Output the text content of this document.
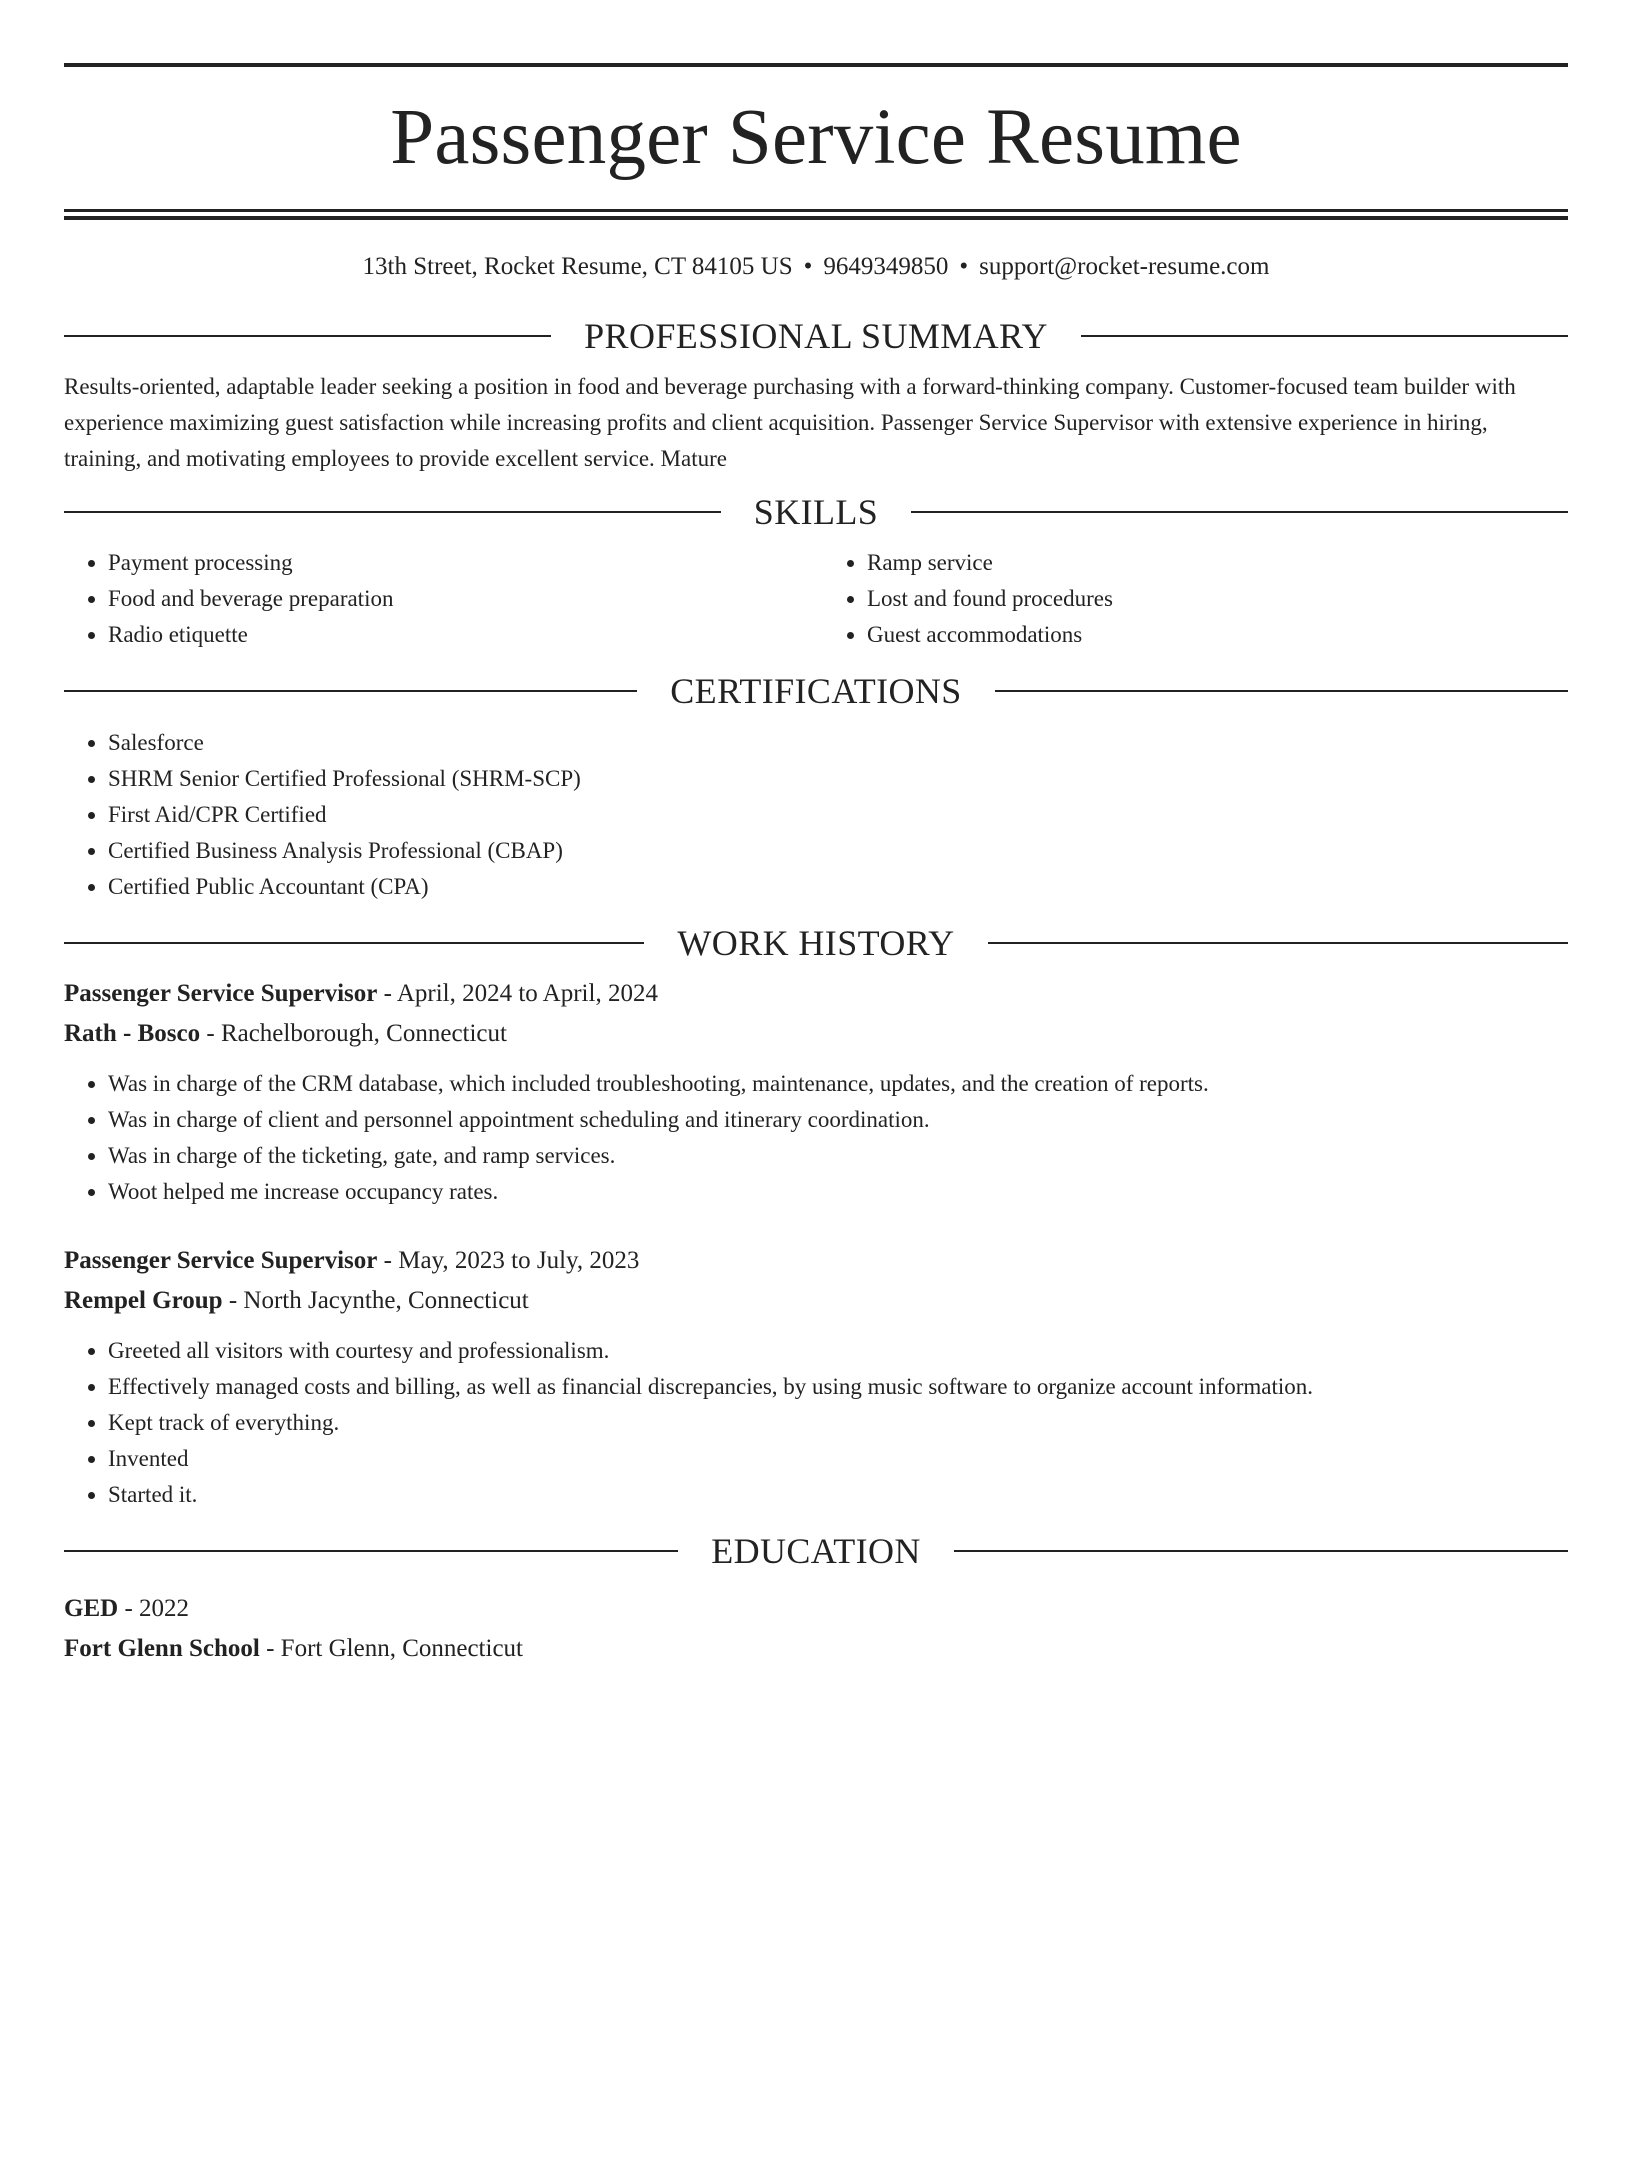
Passenger Service Resume
13th Street, Rocket Resume, CT 84105 US • 9649349850 • support@rocket-resume.com
PROFESSIONAL SUMMARY

Results-oriented, adaptable leader seeking a position in food and beverage purchasing with a forward-thinking company. Customer-focused team builder with experience maximizing guest satisfaction while increasing profits and client acquisition. Passenger Service Supervisor with extensive experience in hiring, training, and motivating employees to provide excellent service. Mature

SKILLS
• Payment processing
• Food and beverage preparation
• Radio etiquette
• Ramp service
• Lost and found procedures
• Guest accommodations
CERTIFICATIONS
• Salesforce
• SHRM Senior Certified Professional (SHRM-SCP)
• First Aid/CPR Certified
• Certified Business Analysis Professional (CBAP)
• Certified Public Accountant (CPA)
WORK HISTORY
Passenger Service Supervisor - April, 2024 to April, 2024
Rath - Bosco - Rachelborough, Connecticut
• Was in charge of the CRM database, which included troubleshooting, maintenance, updates, and the creation of reports.
• Was in charge of client and personnel appointment scheduling and itinerary coordination.
• Was in charge of the ticketing, gate, and ramp services.
• Woot helped me increase occupancy rates.
Passenger Service Supervisor - May, 2023 to July, 2023
Rempel Group - North Jacynthe, Connecticut
• Greeted all visitors with courtesy and professionalism.
• Effectively managed costs and billing, as well as financial discrepancies, by using music software to organize account information.
• Kept track of everything.
• Invented
• Started it.
EDUCATION
GED - 2022
Fort Glenn School - Fort Glenn, Connecticut
